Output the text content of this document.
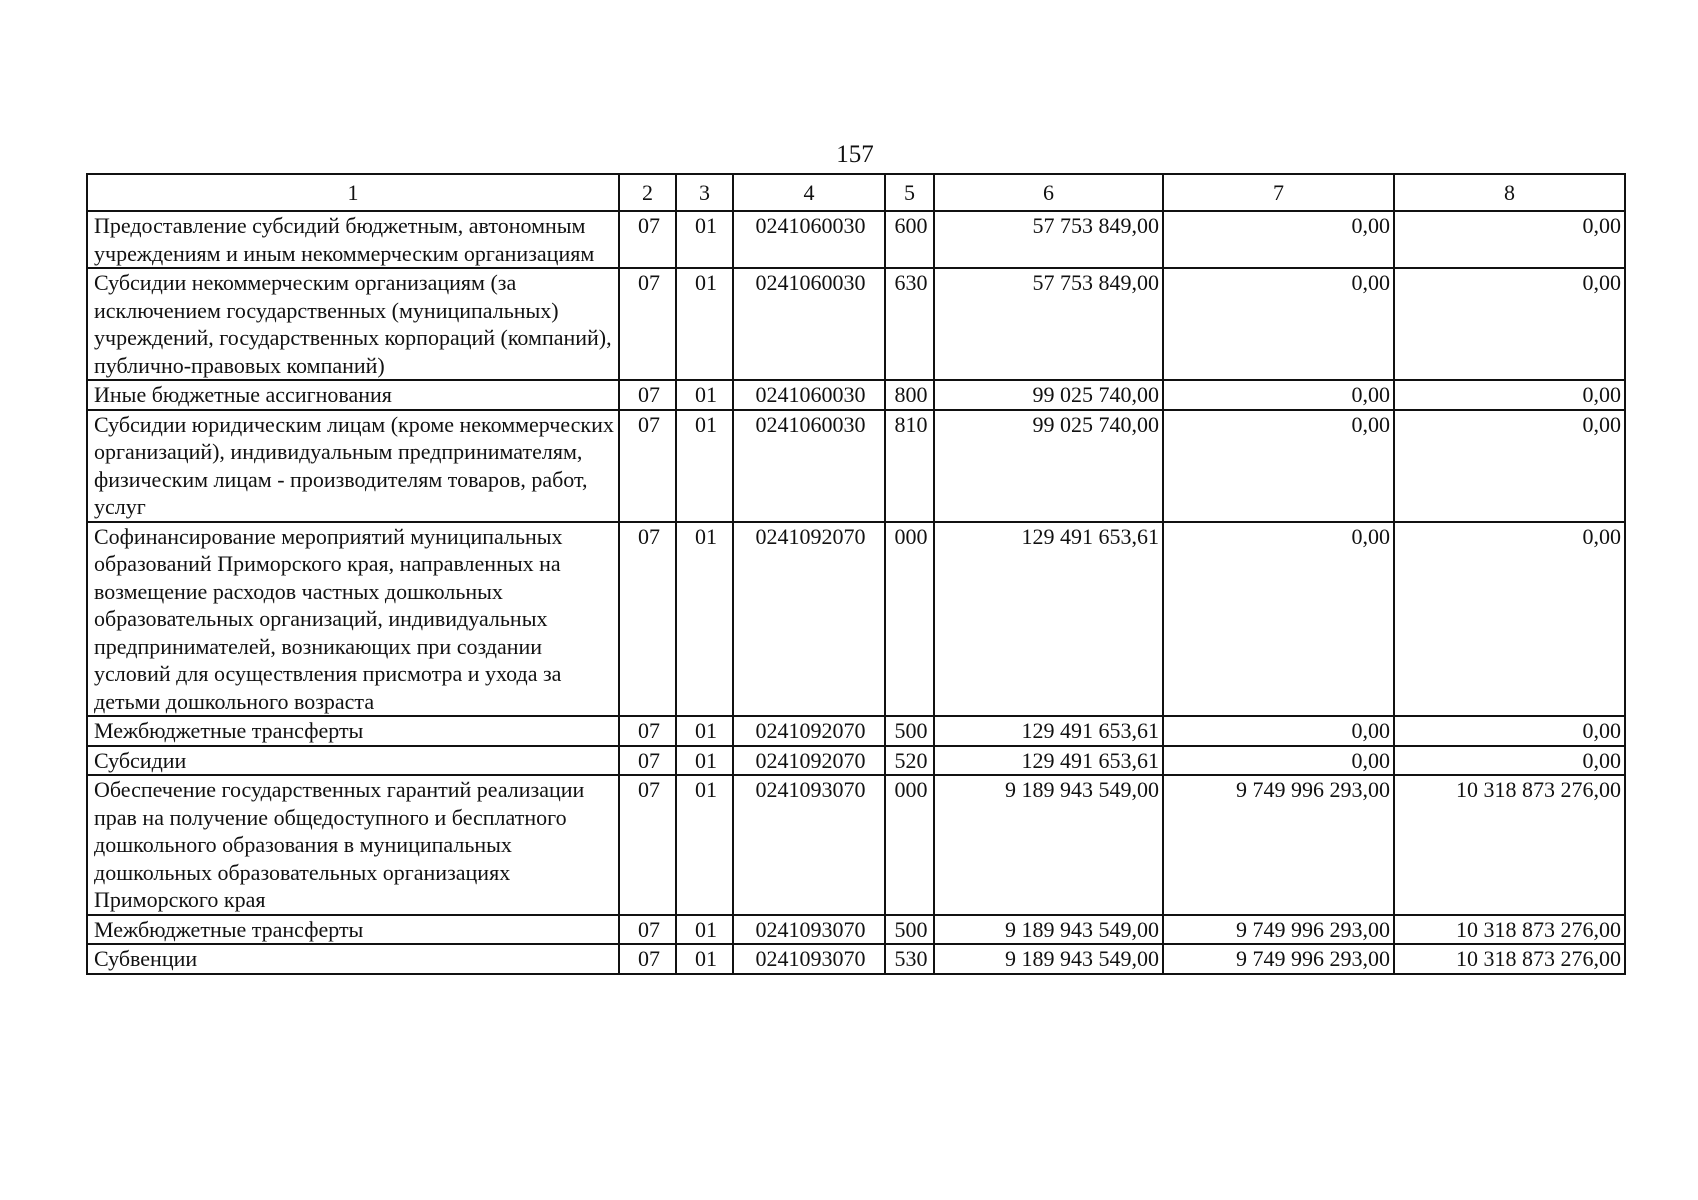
157
1	2	3	4	5	6	7	8
Предоставление субсидий бюджетным, автономным учреждениям и иным некоммерческим организациям	07	01	0241060030	600	57 753 849,00	0,00	0,00
Субсидии некоммерческим организациям (за исключением государственных (муниципальных) учреждений, государственных корпораций (компаний), публично-правовых компаний)	07	01	0241060030	630	57 753 849,00	0,00	0,00
Иные бюджетные ассигнования	07	01	0241060030	800	99 025 740,00	0,00	0,00
Субсидии юридическим лицам (кроме некоммерческих организаций), индивидуальным предпринимателям, физическим лицам - производителям товаров, работ, услуг	07	01	0241060030	810	99 025 740,00	0,00	0,00
Софинансирование мероприятий муниципальных образований Приморского края, направленных на возмещение расходов частных дошкольных образовательных организаций, индивидуальных предпринимателей, возникающих при создании условий для осуществления присмотра и ухода за детьми дошкольного возраста	07	01	0241092070	000	129 491 653,61	0,00	0,00
Межбюджетные трансферты	07	01	0241092070	500	129 491 653,61	0,00	0,00
Субсидии	07	01	0241092070	520	129 491 653,61	0,00	0,00
Обеспечение государственных гарантий реализации прав на получение общедоступного и бесплатного дошкольного образования в муниципальных дошкольных образовательных организациях Приморского края	07	01	0241093070	000	9 189 943 549,00	9 749 996 293,00	10 318 873 276,00
Межбюджетные трансферты	07	01	0241093070	500	9 189 943 549,00	9 749 996 293,00	10 318 873 276,00
Субвенции	07	01	0241093070	530	9 189 943 549,00	9 749 996 293,00	10 318 873 276,00
